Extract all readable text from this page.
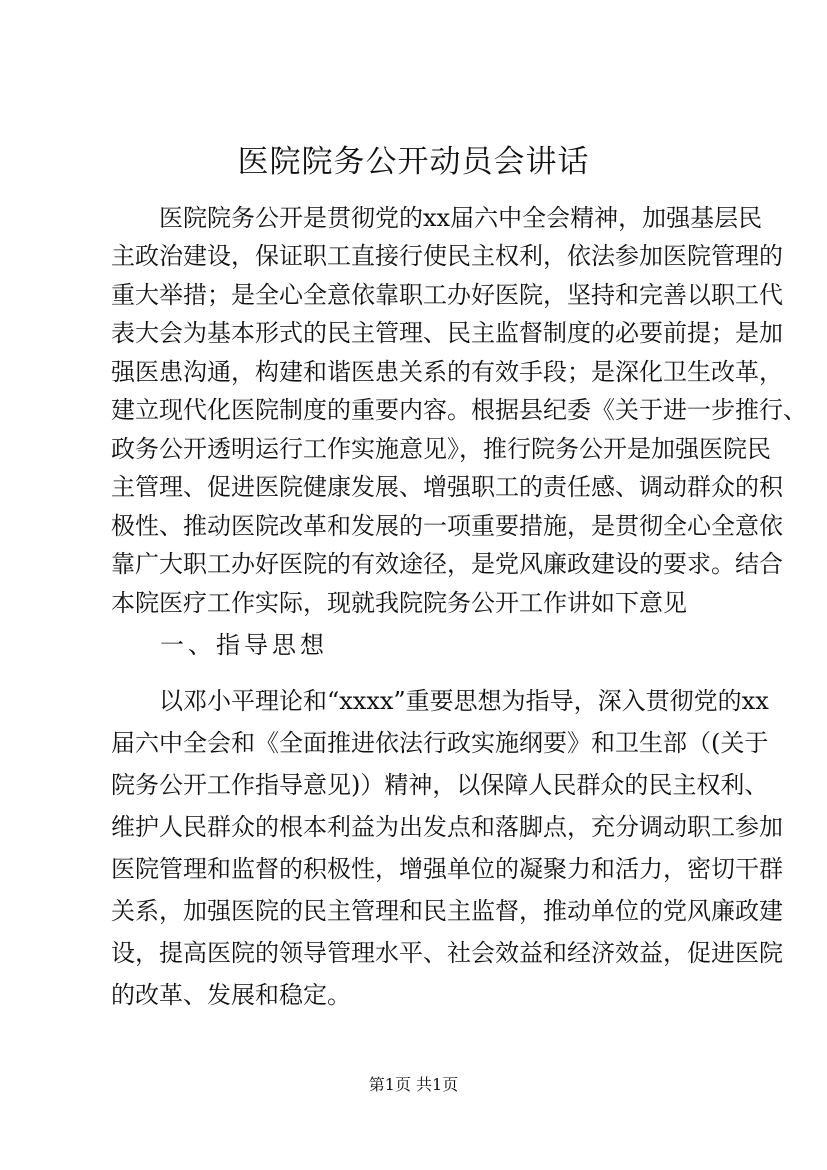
医院院务公开动员会讲话
　　医院院务公开是贯彻党的xx届六中全会精神，加强基层民
主政治建设，保证职工直接行使民主权利，依法参加医院管理的
重大举措；是全心全意依靠职工办好医院，坚持和完善以职工代
表大会为基本形式的民主管理、民主监督制度的必要前提；是加
强医患沟通，构建和谐医患关系的有效手段；是深化卫生改革，
建立现代化医院制度的重要内容。根据县纪委《关于进一步推行、
政务公开透明运行工作实施意见》，推行院务公开是加强医院民
主管理、促进医院健康发展、增强职工的责任感、调动群众的积
极性、推动医院改革和发展的一项重要措施，是贯彻全心全意依
靠广大职工办好医院的有效途径，是党风廉政建设的要求。结合
本院医疗工作实际，现就我院院务公开工作讲如下意见
一、指导思想
　　以邓小平理论和“xxxx”重要思想为指导，深入贯彻党的xx
届六中全会和《全面推进依法行政实施纲要》和卫生部（(关于
院务公开工作指导意见)）精神，以保障人民群众的民主权利、
维护人民群众的根本利益为出发点和落脚点，充分调动职工参加
医院管理和监督的积极性，增强单位的凝聚力和活力，密切干群
关系，加强医院的民主管理和民主监督，推动单位的党风廉政建
设，提高医院的领导管理水平、社会效益和经济效益，促进医院
的改革、发展和稳定。
第1页 共1页
